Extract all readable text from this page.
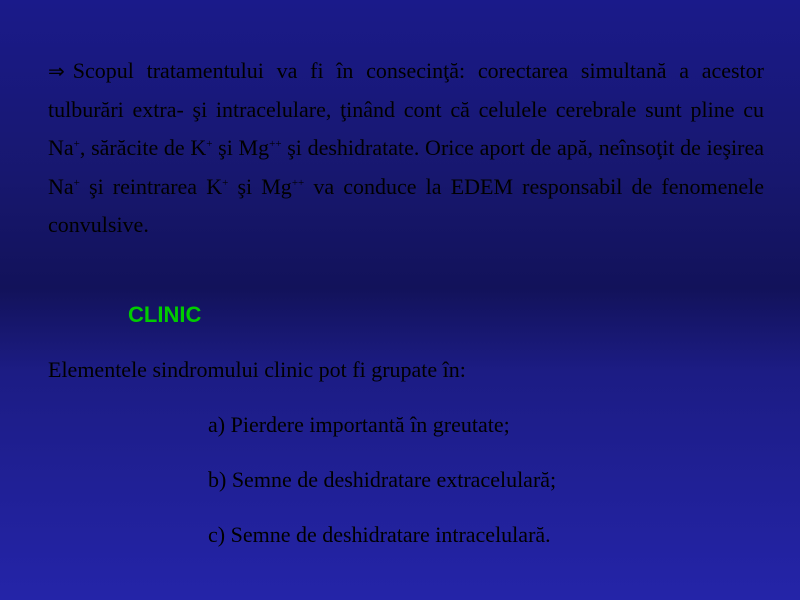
⇒ Scopul tratamentului va fi în consecinţă: corectarea simultană a acestor tulburări extra- şi intracelulare, ţinând cont că celulele cerebrale sunt pline cu Na+, sărăcite de K+ şi Mg++ şi deshidratate. Orice aport de apă, neînsoţit de ieşirea Na+ şi reintrarea K+ şi Mg++ va conduce la EDEM responsabil de fenomenele convulsive.
CLINIC
Elementele sindromului clinic pot fi grupate în:
a) Pierdere importantă în greutate;
b) Semne de deshidratare extracelulară;
c) Semne de deshidratare intracelulară.
